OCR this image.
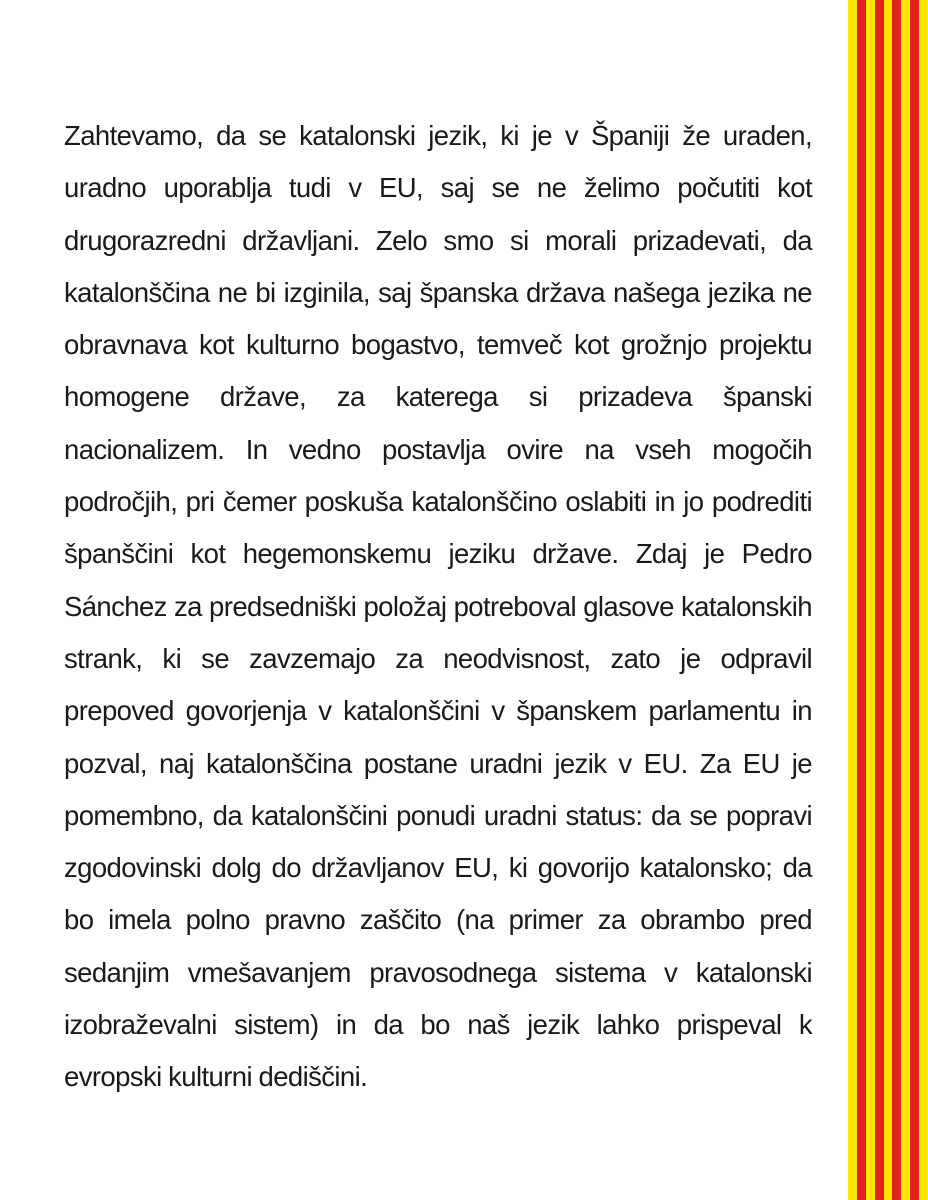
Zahtevamo, da se katalonski jezik, ki je v Španiji že uraden, uradno uporablja tudi v EU, saj se ne želimo počutiti kot drugorazredni državljani. Zelo smo si morali prizadevati, da katalonščina ne bi izginila, saj španska država našega jezika ne obravnava kot kulturno bogastvo, temveč kot grožnjo projektu homogene države, za katerega si prizadeva španski nacionalizem. In vedno postavlja ovire na vseh mogočih področjih, pri čemer poskuša katalonščino oslabiti in jo podrediti španščini kot hegemonskemu jeziku države. Zdaj je Pedro Sánchez za predsedniški položaj potreboval glasove katalonskih strank, ki se zavzemajo za neodvisnost, zato je odpravil prepoved govorjenja v katalonščini v španskem parlamentu in pozval, naj katalonščina postane uradni jezik v EU. Za EU je pomembno, da katalonščini ponudi uradni status: da se popravi zgodovinski dolg do državljanov EU, ki govorijo katalonsko; da bo imela polno pravno zaščito (na primer za obrambo pred sedanjim vmešavanjem pravosodnega sistema v katalonski izobraževalni sistem) in da bo naš jezik lahko prispeval k evropski kulturni dediščini.
